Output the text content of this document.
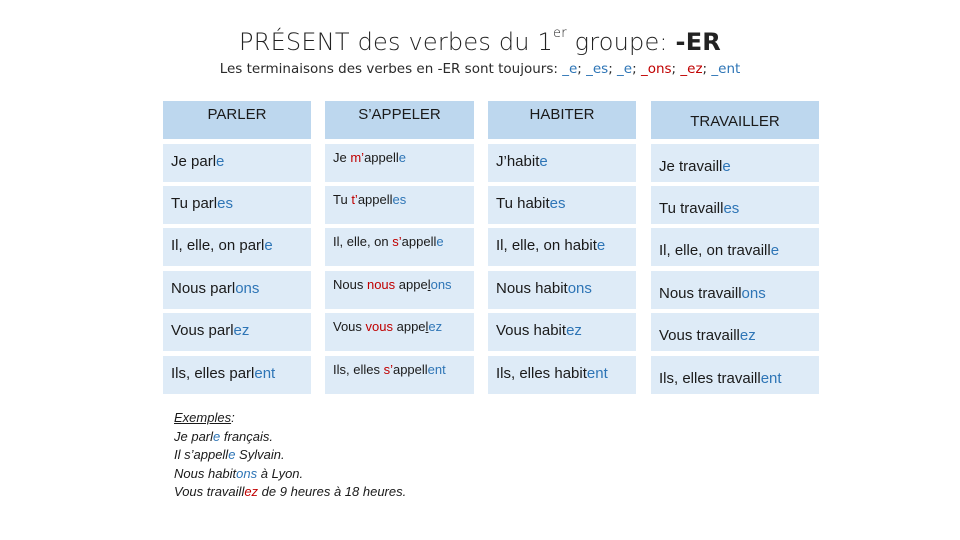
PRÉSENT des verbes du 1er groupe: -ER
Les terminaisons des verbes en -ER sont toujours: _e; _es; _e; _ons; _ez; _ent
PARLER	S’APPELER	HABITER	TRAVAILLER
Je parle	Je m’appelle	J’habite	Je travaille
Tu parles	Tu t’appelles	Tu habites	Tu travailles
Il, elle, on parle	Il, elle, on s’appelle	Il, elle, on habite	Il, elle, on travaille
Nous parlons	Nous nous appelons	Nous habitons	Nous travaillons
Vous parlez	Vous vous appelez	Vous habitez	Vous travaillez
Ils, elles parlent	Ils, elles s’appellent	Ils, elles habitent	Ils, elles travaillent
Exemples:
Je parle français.
Il s’appelle Sylvain.
Nous habitons à Lyon.
Vous travaillez de 9 heures à 18 heures.
